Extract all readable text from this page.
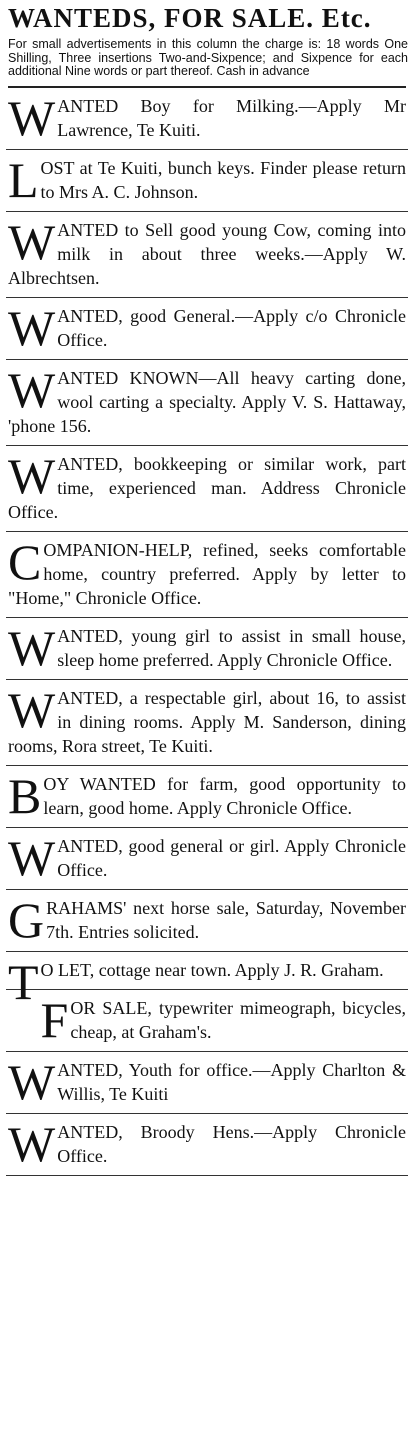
WANTEDS, FOR SALE. Etc.
For small advertisements in this column the charge is: 18 words One Shilling, Three insertions Two-and-Sixpence; and Sixpence for each additional Nine words or part thereof. Cash in advance

WANTED Boy for Milking.—Apply Mr Lawrence, Te Kuiti.

LOST at Te Kuiti, bunch keys. Finder please return to Mrs A. C. Johnson.

WANTED to Sell good young Cow, coming into milk in about three weeks.—Apply W. Albrechtsen.

WANTED, good General.—Apply c/o Chronicle Office.

WANTED KNOWN—All heavy carting done, wool carting a specialty. Apply V. S. Hattaway, 'phone 156.

WANTED, bookkeeping or similar work, part time, experienced man. Address Chronicle Office.

COMPANION-HELP, refined, seeks comfortable home, country preferred. Apply by letter to "Home," Chronicle Office.

WANTED, young girl to assist in small house, sleep home preferred. Apply Chronicle Office.

WANTED, a respectable girl, about 16, to assist in dining rooms. Apply M. Sanderson, dining rooms, Rora street, Te Kuiti.

BOY WANTED for farm, good opportunity to learn, good home. Apply Chronicle Office.

WANTED, good general or girl. Apply Chronicle Office.

GRAHAMS' next horse sale, Saturday, November 7th. Entries solicited.

T O LET, cottage near town. Apply J. R. Graham.

FOR SALE, typewriter mimeograph, bicycles, cheap, at Graham's.

WANTED, Youth for office.—Apply Charlton & Willis, Te Kuiti

WANTED, Broody Hens.—Apply Chronicle Office.
